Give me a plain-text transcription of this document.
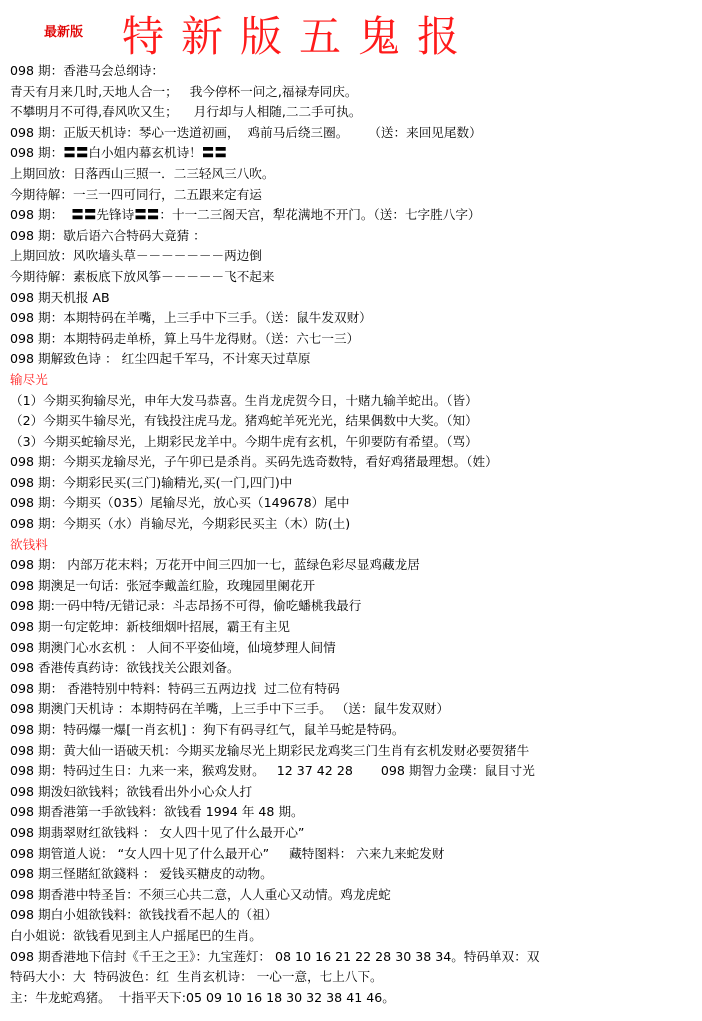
最新版 特新版五鬼报
098 期：香港马会总纲诗：
青天有月来几时,天地人合一；   我今停杯一问之,福禄寿同庆。
不攀明月不可得,春风吹又生；    月行却与人相随,二二手可执。
098 期：正版天机诗：琴心一迭道初画，  鸡前马后绕三圈。     （送：来回见尾数）
098 期：〓〓白小姐内幕玄机诗！〓〓
上期回放：日落西山三照一．二三轻风三八吹。
今期待解：一三一四可同行，二五跟来定有运
098 期：  〓〓先锋诗〓〓：十一二三阁天宫，犁花满地不开门。（送：七字胜八字）
098 期：歇后语六合特码大竟猜 ：
上期回放：风吹墙头草－－－－－－－两边倒
今期待解：素板底下放风筝－－－－－飞不起来
098 期天机报 AB
098 期：本期特码在羊嘴，上三手中下三手。（送：鼠牛发双财）
098 期：本期特码走单桥，算上马牛龙得财。（送：六七一三）
098 期解致色诗 ： 红尘四起千军马，不计寒天过草原
输尽光
（1）今期买狗输尽光，申年大发马恭喜。生肖龙虎贺今日，十赌九输羊蛇出。（皆）
（2）今期买牛输尽光，有钱投注虎马龙。猪鸡蛇羊死光光，结果偶数中大奖。（知）
（3）今期买蛇输尽光，上期彩民龙羊中。今期牛虎有玄机，午卯要防有希望。（骂）
098 期：今期买龙输尽光，子午卯已是杀肖。买码先选奇数特，看好鸡猪最理想。（姓）
098 期：今期彩民买(三门)输精光,买(一门,四门)中
098 期：今期买（035）尾输尽光，放心买（149678）尾中
098 期：今期买（水）肖输尽光，今期彩民买主（木）防(土)
欲钱料
098 期： 内部万花末料；万花开中间三四加一七，蓝绿色彩尽显鸡藏龙居
098 期澳足一句话：张冠李戴盖红脸，玫瑰园里阑花开
098 期:一码中特/无错记录：斗志昂扬不可得，偷吃蟠桃我最行
098 期一句定乾坤：新枝细烟叶招展，霸王有主见
098 期澳门心水玄机 ： 人间不平姿仙境，仙境梦理人间情
098 香港传真药诗：欲钱找关公跟刘备。
098 期： 香港特别中特料：特码三五两边找  过二位有特码
098 期澳门天机诗 ：本期特码在羊嘴，上三手中下三手。 （送：鼠牛发双财）
098 期：特码爆一爆[一肖玄机] ：狗下有码寻红气，鼠羊马蛇是特码。
098 期：黄大仙一语破天机：今期买龙输尽光上期彩民龙鸡奖三门生肖有玄机发财必要贺猪牛
098 期：特码过生日：九来一来，猴鸡发财。   12 37 42 28       098 期智力金璞：鼠目寸光
098 期泼妇欲钱料；欲钱看出外小心众人打
098 期香港第一手欲钱料：欲钱看 1994 年 48 期。
098 期翡翠财红欲钱料 ： 女人四十见了什么最开心”
098 期管道人说： “女人四十见了什么最开心”     藏特图料： 六来九来蛇发财
098 期三怪賭紅欲錢料 ： 爱钱买糖皮的动物。
098 期香港中特圣旨：不须三心共二意，人人重心又动情。鸡龙虎蛇
098 期白小姐欲钱料：欲钱找看不起人的（祖）
白小姐说：欲钱看见到主人户摇尾巴的生肖。
098 期香港地下信封《千王之王》：九宝莲灯： 08 10 16 21 22 28 30 38 34。特码单双：双
特码大小：大  特码波色：红  生肖玄机诗： 一心一意，七上八下。
主：牛龙蛇鸡猪。  十指平天下:05 09 10 16 18 30 32 38 41 46。
